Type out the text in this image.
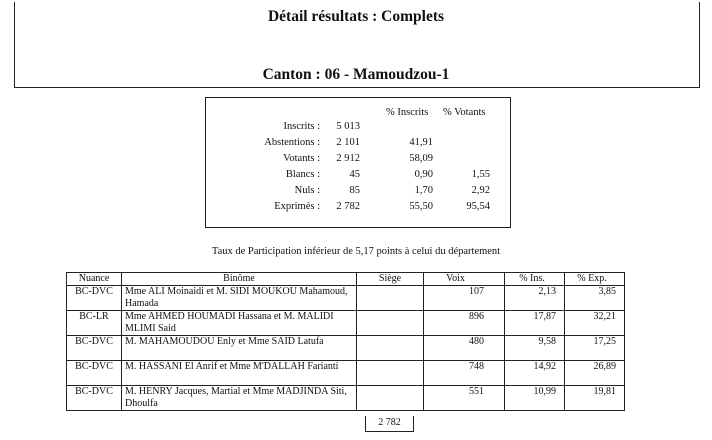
Détail résultats : Complets
Canton : 06 - Mamoudzou-1
% Inscrits % Votants
Inscrits : 5 013
Abstentions : 2 101	41,91
Votants : 2 912	58,09
Blancs :	45	0,90	1,55
Nuls :	85	1,70	2,92
Exprimés : 2 782	55,50	95,54
Taux de Participation inférieur de 5,17 points à celui du département
Nuance	Binôme	Siège	Voix	% Ins.	% Exp.
BC-DVC	Mme ALI Moinaidi et M. SIDI MOUKOU Mahamoud, Hamada		107	2,13	3,85
BC-LR	Mme AHMED HOUMADI Hassana et M. MALIDI MLIMI Said		896	17,87	32,21
BC-DVC	M. MAHAMOUDOU Enly et Mme SAID Latufa		480	9,58	17,25
BC-DVC	M. HASSANI El Anrif et Mme M'DALLAH Farianti		748	14,92	26,89
BC-DVC	M. HENRY Jacques, Martial et Mme MADJINDA Siti, Dhoulfa		551	10,99	19,81
2 782
